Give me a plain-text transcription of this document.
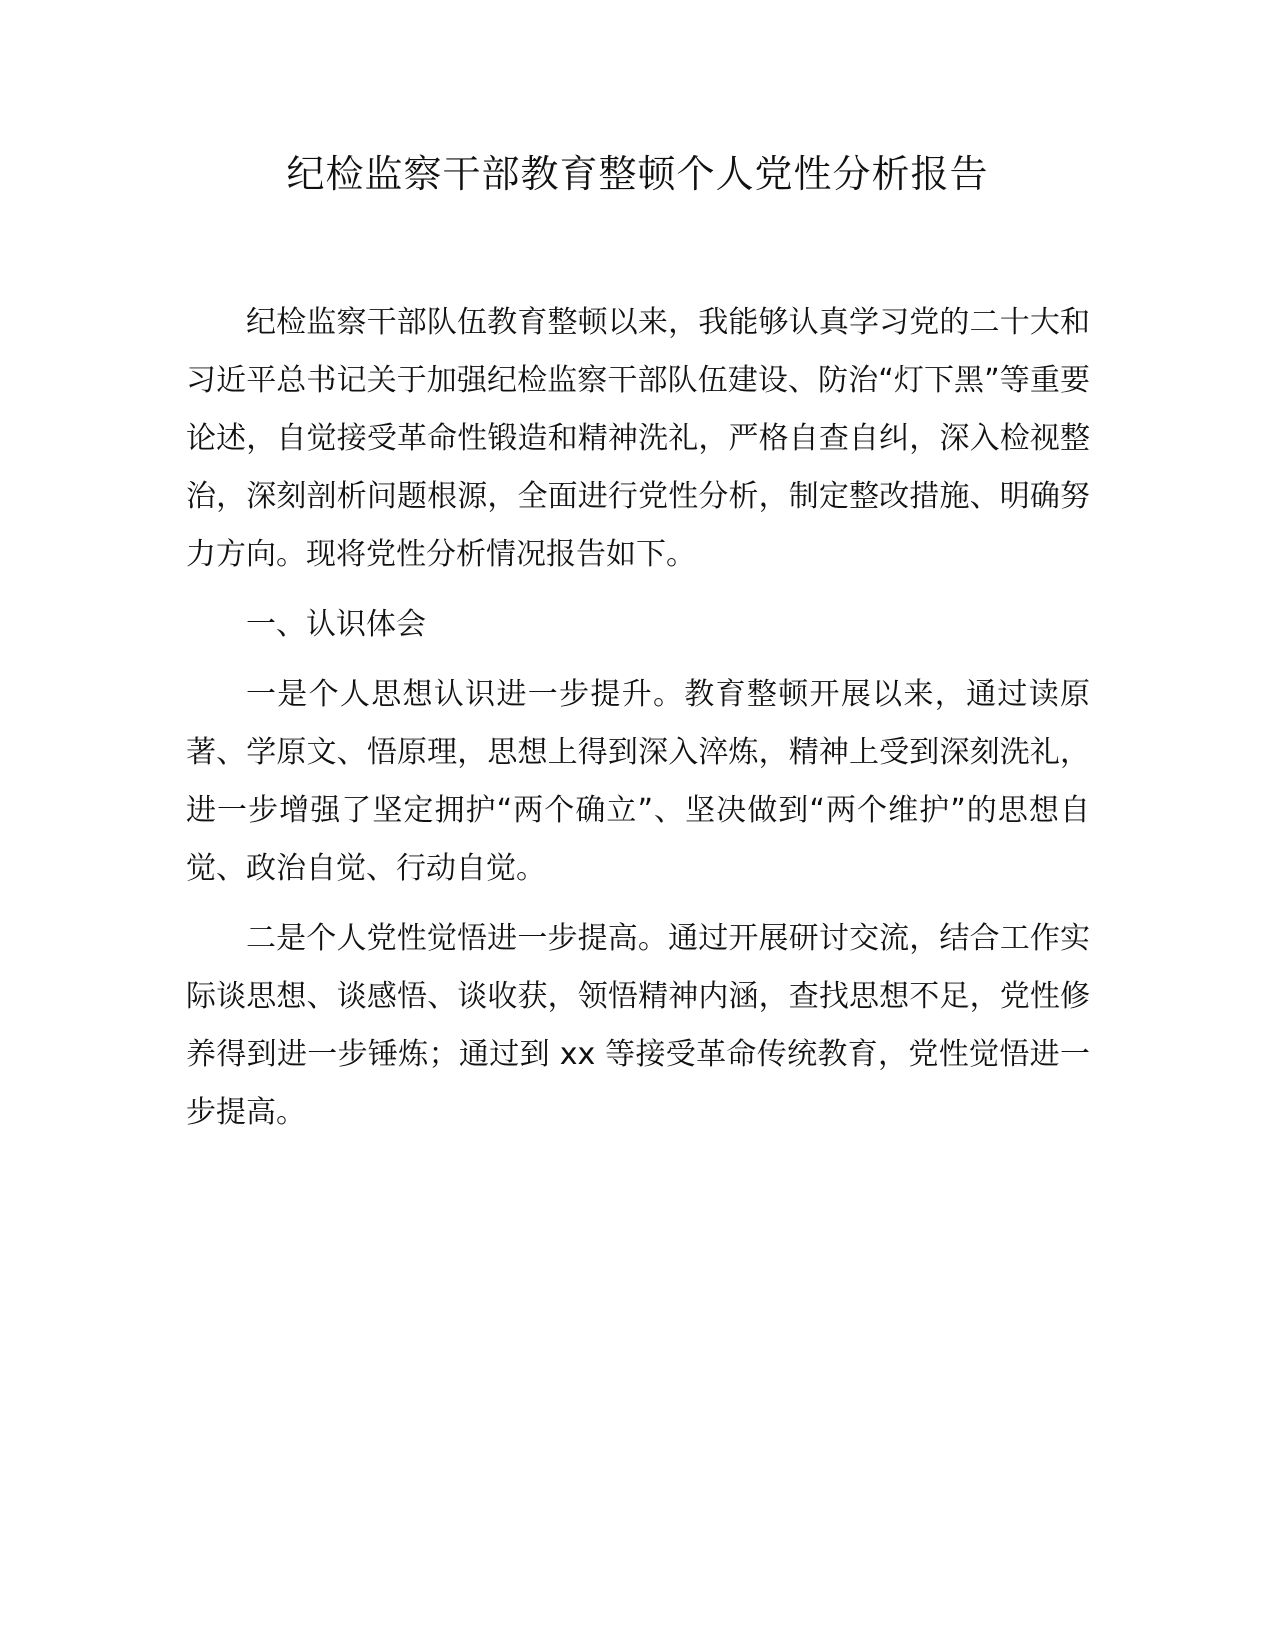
纪检监察干部教育整顿个人党性分析报告

纪检监察干部队伍教育整顿以来，我能够认真学习党的二十大和习近平总书记关于加强纪检监察干部队伍建设、防治“灯下黑”等重要论述，自觉接受革命性锻造和精神洗礼，严格自查自纠，深入检视整治，深刻剖析问题根源，全面进行党性分析，制定整改措施、明确努力方向。现将党性分析情况报告如下。

一、认识体会

一是个人思想认识进一步提升。教育整顿开展以来，通过读原著、学原文、悟原理，思想上得到深入淬炼，精神上受到深刻洗礼，进一步增强了坚定拥护“两个确立”、坚决做到“两个维护”的思想自觉、政治自觉、行动自觉。

二是个人党性觉悟进一步提高。通过开展研讨交流，结合工作实际谈思想、谈感悟、谈收获，领悟精神内涵，查找思想不足，党性修养得到进一步锤炼；通过到 xx 等接受革命传统教育，党性觉悟进一步提高。
